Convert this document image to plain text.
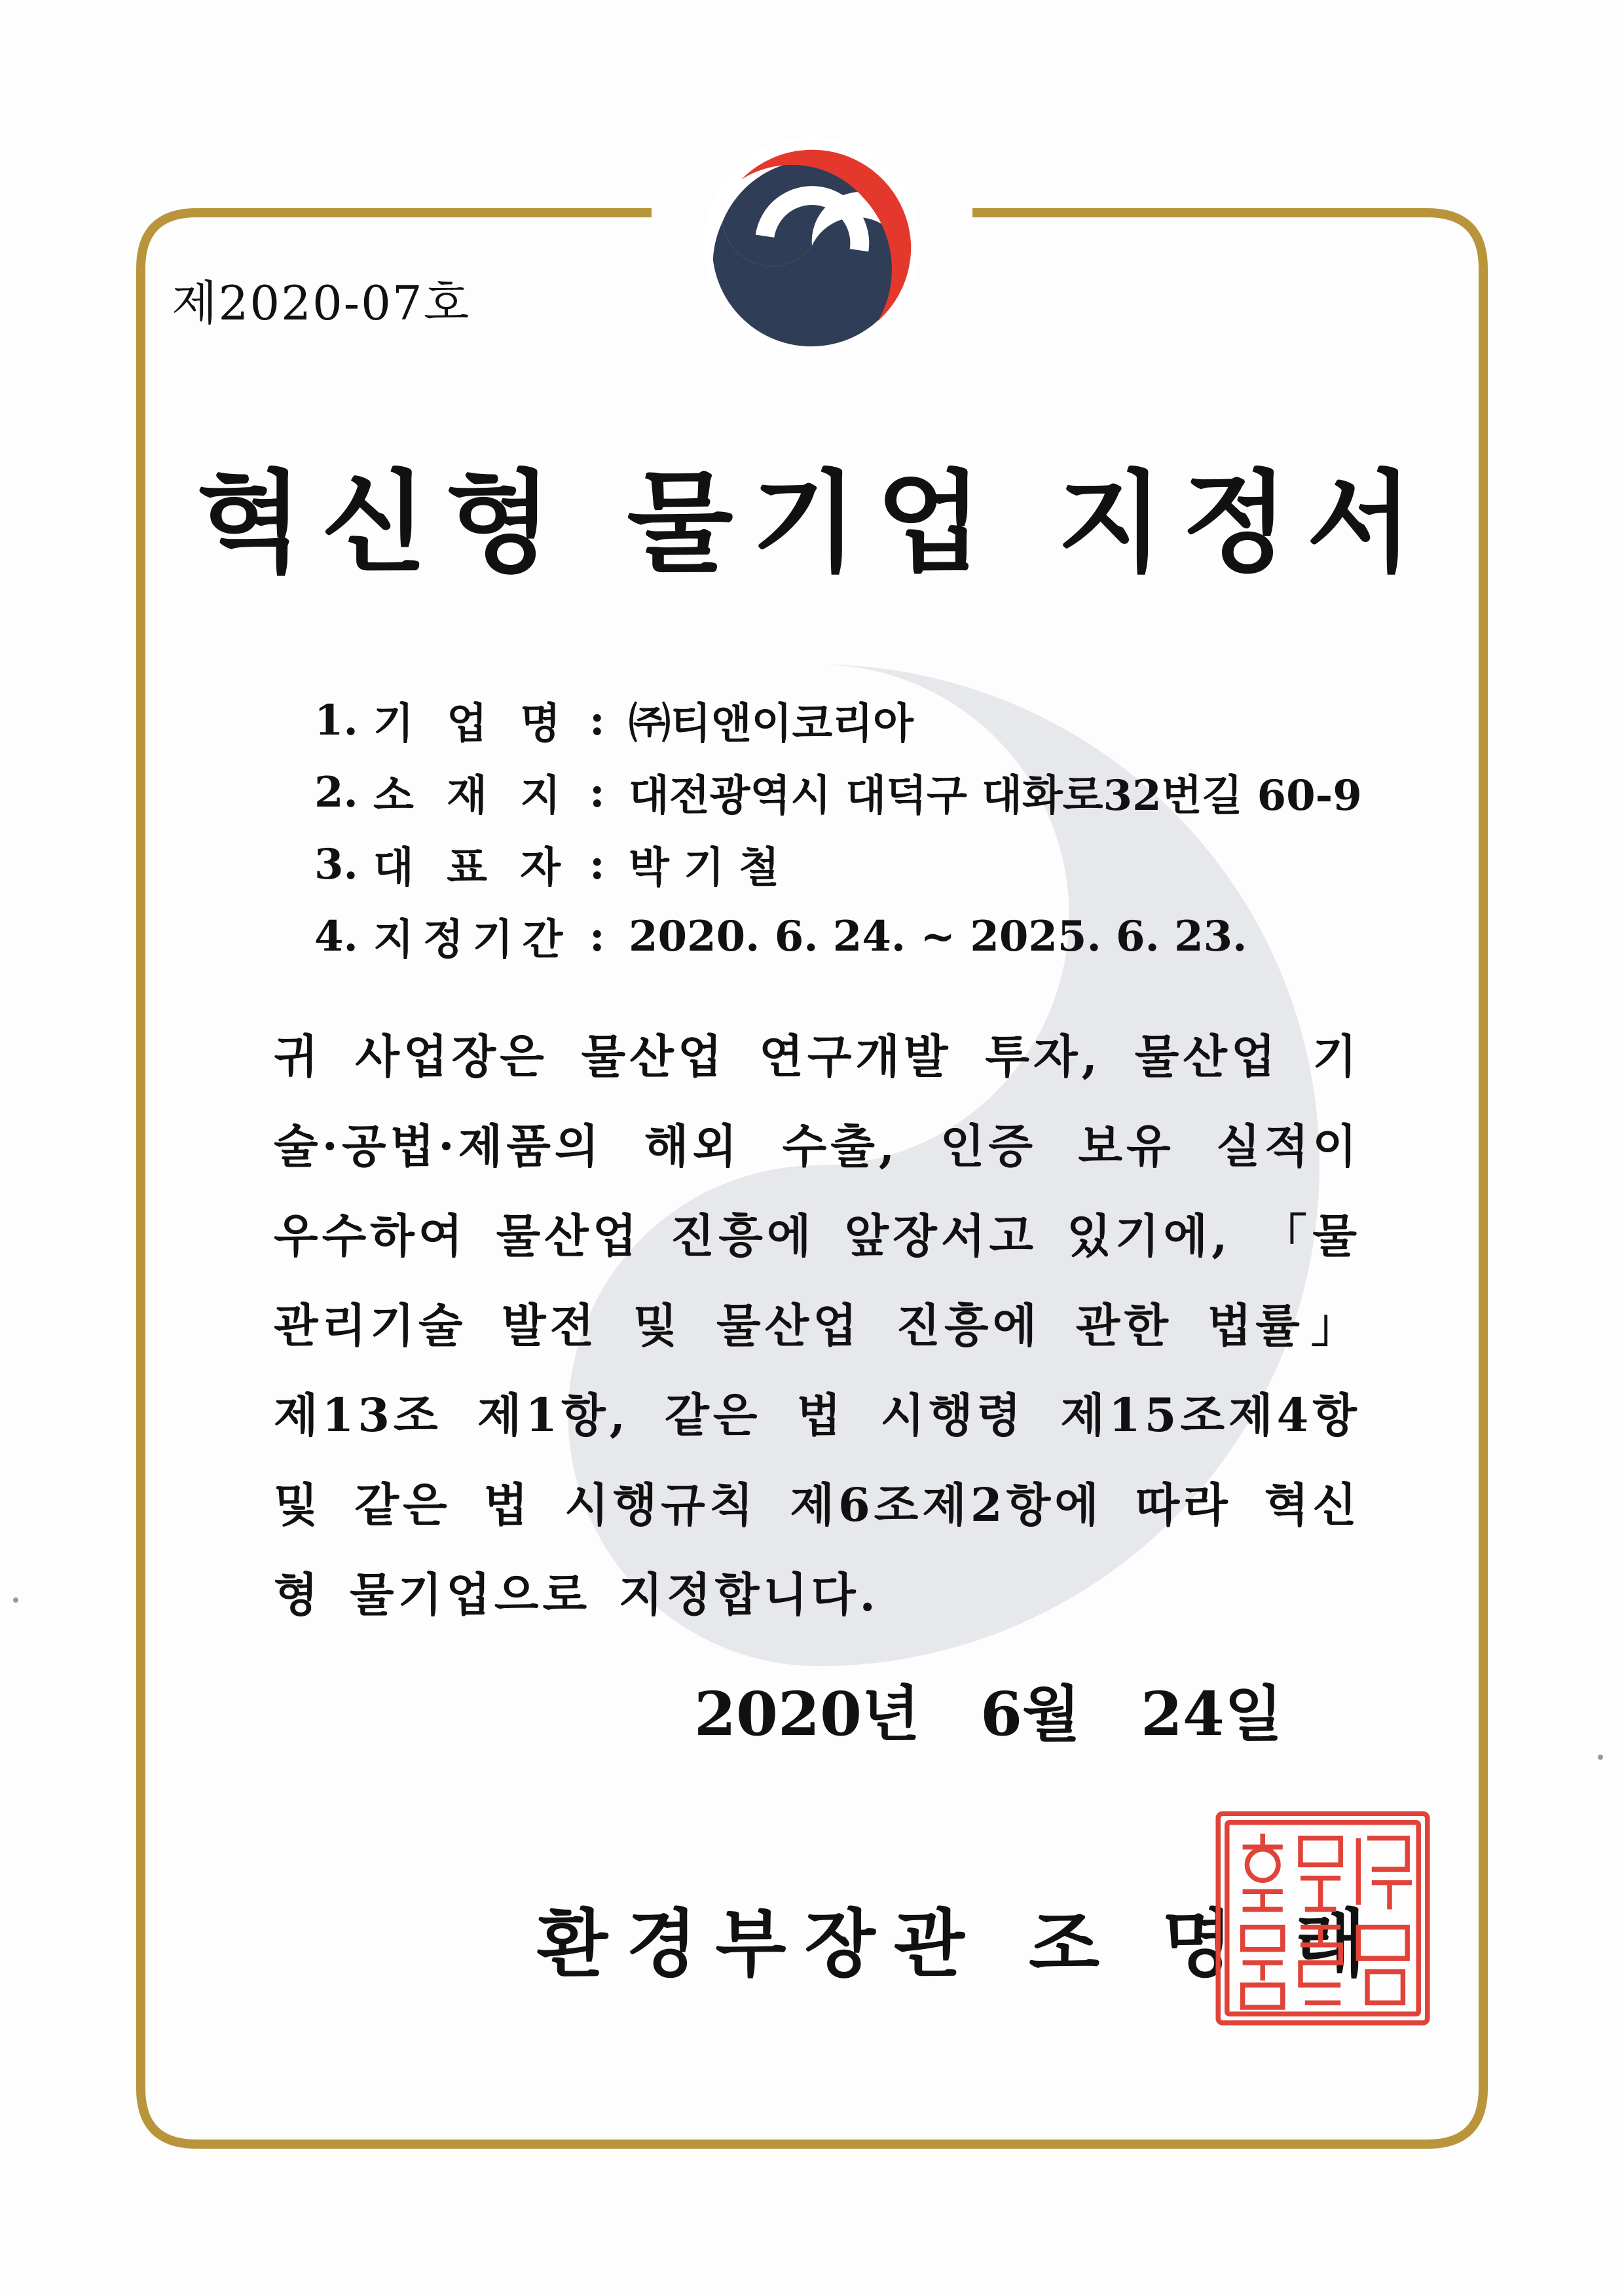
제2020-07호
혁신형 물기업 지정서
1. 기 업 명 : ㈜티앤이코리아
2. 소 재 지 : 대전광역시 대덕구 대화로32번길 60-9
3. 대 표 자 : 박 기 철
4. 지정기간 : 2020. 6. 24. ~ 2025. 6. 23.
귀 사업장은 물산업 연구개발 투자, 물산업 기술·공법·제품의 해외 수출, 인증 보유 실적이 우수하여 물산업 진흥에 앞장서고 있기에, 「물관리기술 발전 및 물산업 진흥에 관한 법률」 제13조 제1항, 같은 법 시행령 제15조제4항 및 같은 법 시행규칙 제6조제2항에 따라 혁신형 물기업으로 지정합니다.
2020년 6월 24일
환경부장관 조 명 래
